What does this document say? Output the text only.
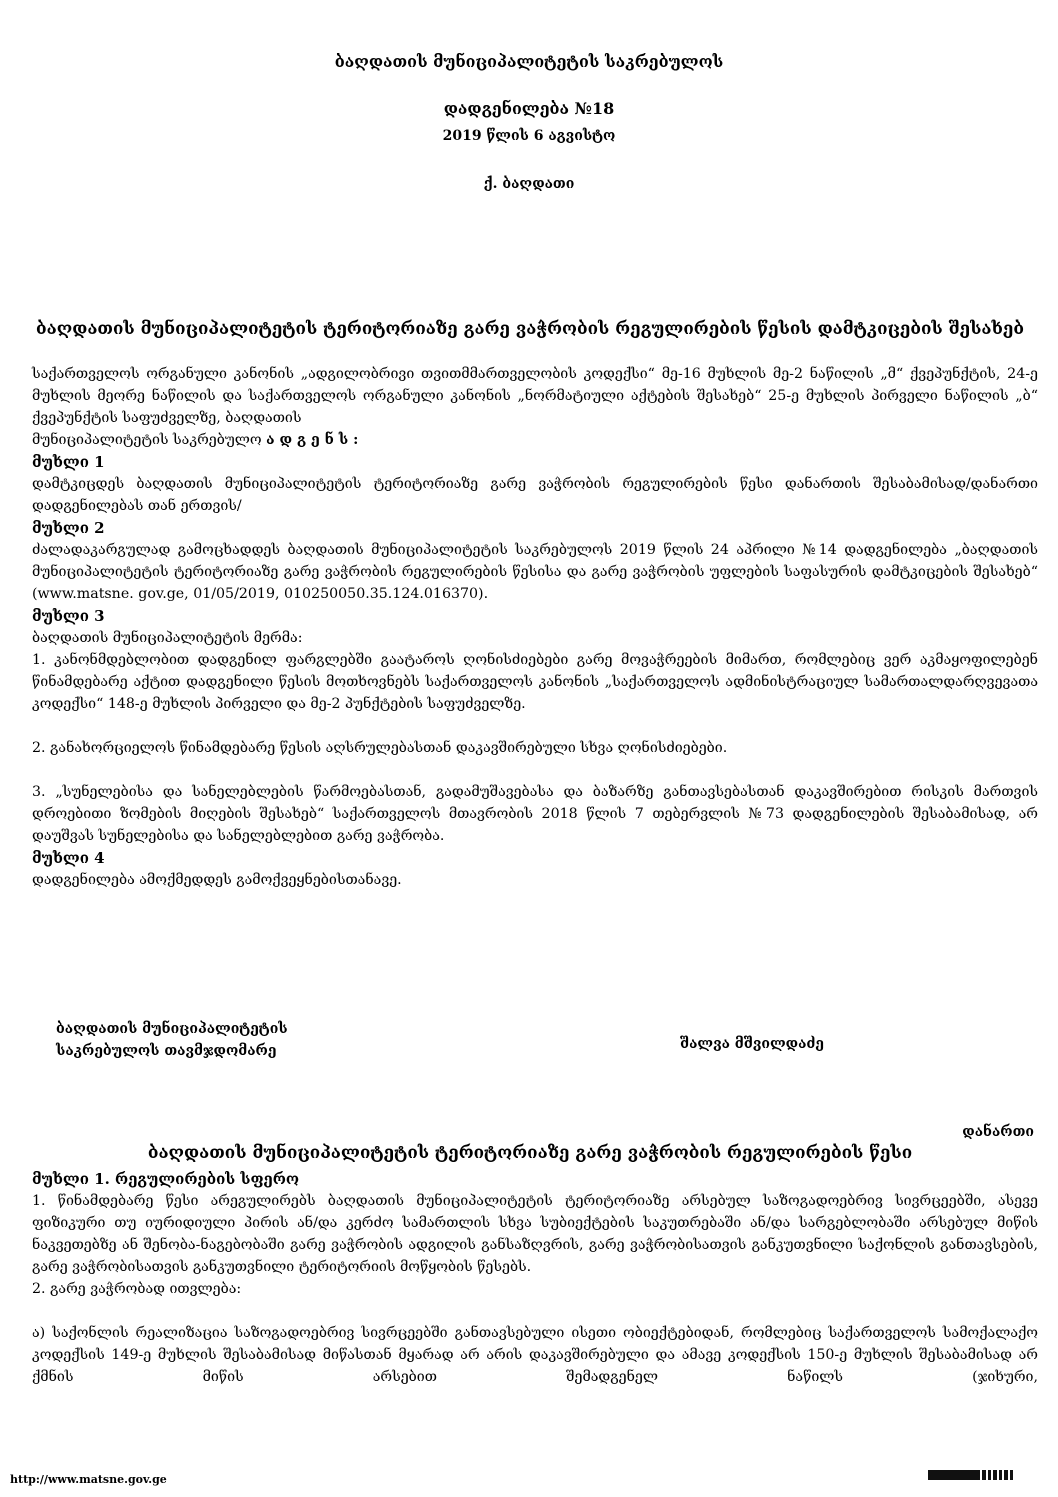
ბაღდათის მუნიციპალიტეტის საკრებულოს
დადგენილება №18
2019 წლის 6 აგვისტო
ქ. ბაღდათი
ბაღდათის მუნიციპალიტეტის ტერიტორიაზე გარე ვაჭრობის რეგულირების წესის დამტკიცების შესახებ

საქართველოს ორგანული კანონის „ადგილობრივი თვითმმართველობის კოდექსი“ მე-16 მუხლის მე-2 ნაწილის „მ“ ქვეპუნქტის, 24-ე მუხლის მეორე ნაწილის და საქართველოს ორგანული კანონის „ნორმატიული აქტების შესახებ“ 25-ე მუხლის პირველი ნაწილის „ბ“ ქვეპუნქტის საფუძველზე, ბაღდათის
მუნიციპალიტეტის საკრებულო ა დ გ ე ნ ს :

მუხლი 1

დამტკიცდეს ბაღდათის მუნიციპალიტეტის ტერიტორიაზე გარე ვაჭრობის რეგულირების წესი დანართის შესაბამისად/დანართი დადგენილებას თან ერთვის/

მუხლი 2

ძალადაკარგულად გამოცხადდეს ბაღდათის მუნიციპალიტეტის საკრებულოს 2019 წლის 24 აპრილი №14 დადგენილება „ბაღდათის მუნიციპალიტეტის ტერიტორიაზე გარე ვაჭრობის რეგულირების წესისა და გარე ვაჭრობის უფლების საფასურის დამტკიცების შესახებ“ (www.matsne. gov.ge, 01/05/2019, 010250050.35.124.016370).

მუხლი 3

ბაღდათის მუნიციპალიტეტის მერმა:

1. კანონმდებლობით დადგენილ ფარგლებში გაატაროს ღონისძიებები გარე მოვაჭრეების მიმართ, რომლებიც ვერ აკმაყოფილებენ წინამდებარე აქტით დადგენილი წესის მოთხოვნებს საქართველოს კანონის „საქართველოს ადმინისტრაციულ სამართალდარღვევათა კოდექსი“ 148-ე მუხლის პირველი და მე-2 პუნქტების საფუძველზე.

2. განახორციელოს წინამდებარე წესის აღსრულებასთან დაკავშირებული სხვა ღონისძიებები.

3. „სუნელებისა და სანელებლების წარმოებასთან, გადამუშავებასა და ბაზარზე განთავსებასთან დაკავშირებით რისკის მართვის დროებითი ზომების მიღების შესახებ“ საქართველოს მთავრობის 2018 წლის 7 თებერვლის №73 დადგენილების შესაბამისად, არ დაუშვას სუნელებისა და სანელებლებით გარე ვაჭრობა.

მუხლი 4

დადგენილება ამოქმედდეს გამოქვეყნებისთანავე.

ბაღდათის მუნიციპალიტეტის
საკრებულოს თავმჯდომარე	შალვა მშვილდაძე
დანართი
ბაღდათის მუნიციპალიტეტის ტერიტორიაზე გარე ვაჭრობის რეგულირების წესი

მუხლი 1. რეგულირების სფერო

1. წინამდებარე წესი არეგულირებს ბაღდათის მუნიციპალიტეტის ტერიტორიაზე არსებულ საზოგადოებრივ სივრცეებში, ასევე ფიზიკური თუ იურიდიული პირის ან/და კერძო სამართლის სხვა სუბიექტების საკუთრებაში ან/და სარგებლობაში არსებულ მიწის ნაკვეთებზე ან შენობა-ნაგებობაში გარე ვაჭრობის ადგილის განსაზღვრის, გარე ვაჭრობისათვის განკუთვნილი საქონლის განთავსების, გარე ვაჭრობისათვის განკუთვნილი ტერიტორიის მოწყობის წესებს.

2. გარე ვაჭრობად ითვლება:

ა) საქონლის რეალიზაცია საზოგადოებრივ სივრცეებში განთავსებული ისეთი ობიექტებიდან, რომლებიც საქართველოს სამოქალაქო კოდექსის 149-ე მუხლის შესაბამისად მიწასთან მყარად არ არის დაკავშირებული და ამავე კოდექსის 150-ე მუხლის შესაბამისად არ ქმნის მიწის არსებით შემადგენელ ნაწილს (ჯიხური,

http://www.matsne.gov.ge
